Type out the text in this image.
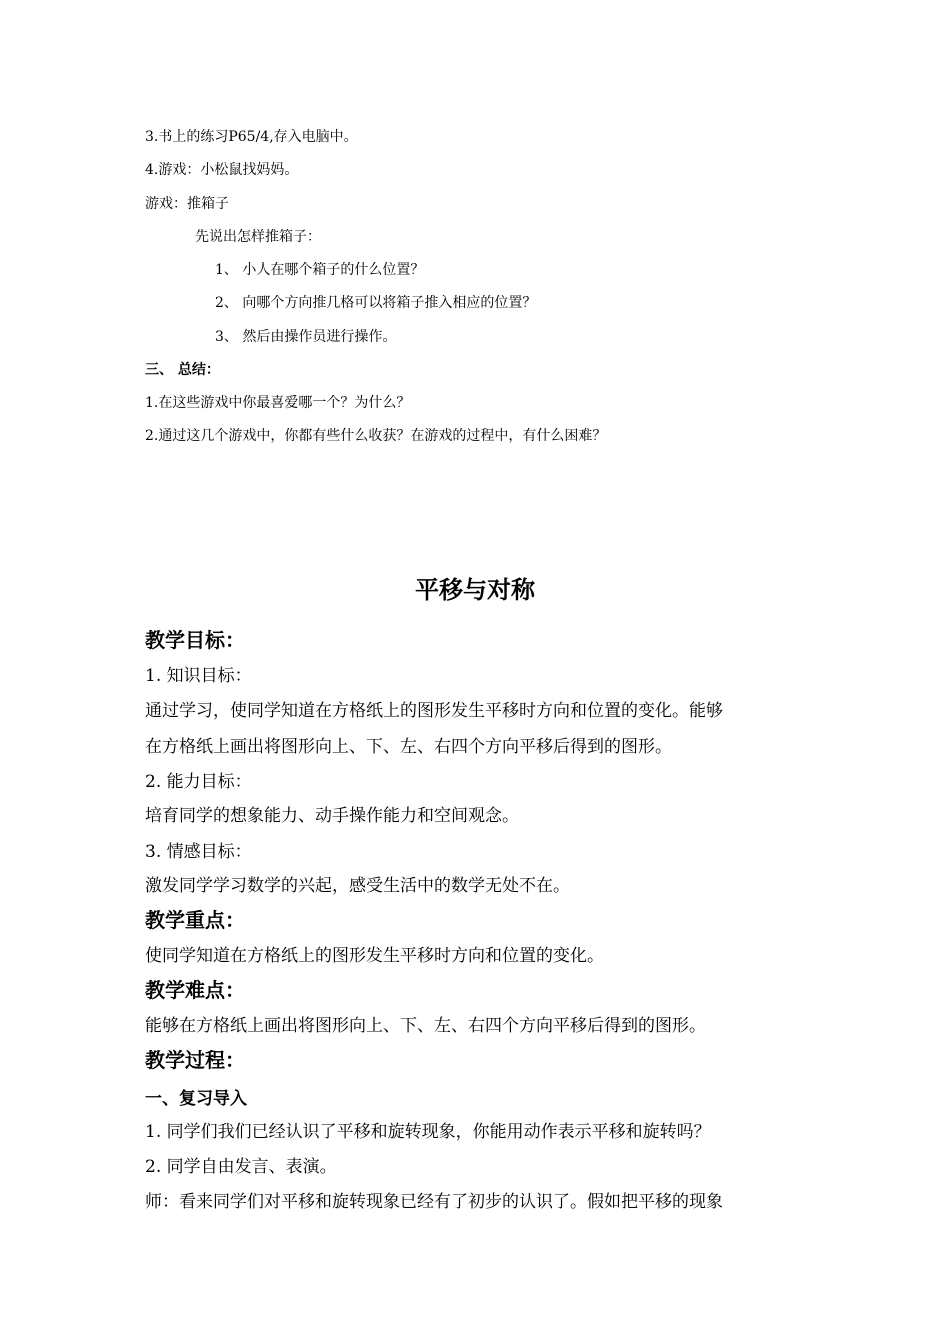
3.书上的练习P65/4,存入电脑中。
4.游戏：小松鼠找妈妈。
游戏：推箱子
先说出怎样推箱子：
1、 小人在哪个箱子的什么位置？
2、 向哪个方向推几格可以将箱子推入相应的位置？
3、 然后由操作员进行操作。
三、 总结：
1.在这些游戏中你最喜爱哪一个？为什么？
2.通过这几个游戏中，你都有些什么收获？在游戏的过程中，有什么困难？
平移与对称
教学目标：
1. 知识目标：
通过学习，使同学知道在方格纸上的图形发生平移时方向和位置的变化。能够
在方格纸上画出将图形向上、下、左、右四个方向平移后得到的图形。
2. 能力目标：
培育同学的想象能力、动手操作能力和空间观念。
3. 情感目标：
激发同学学习数学的兴起，感受生活中的数学无处不在。
教学重点：
使同学知道在方格纸上的图形发生平移时方向和位置的变化。
教学难点：
能够在方格纸上画出将图形向上、下、左、右四个方向平移后得到的图形。
教学过程：
一、复习导入
1. 同学们我们已经认识了平移和旋转现象，你能用动作表示平移和旋转吗？
2. 同学自由发言、表演。
师：看来同学们对平移和旋转现象已经有了初步的认识了。假如把平移的现象
